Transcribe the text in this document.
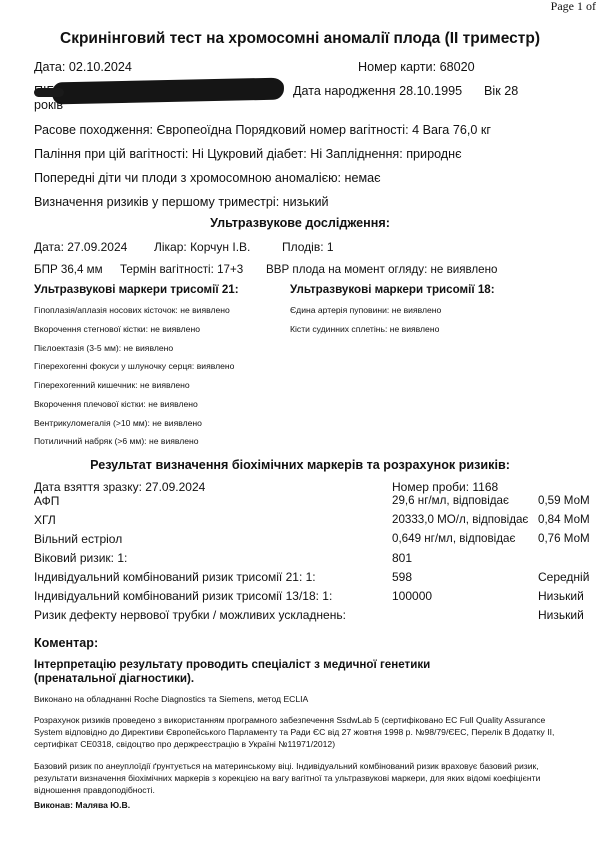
Page 1 of
Скринінговий тест на хромосомні аномалії плода (II триместр)
Дата: 02.10.2024	Номер карти: 68020
Дата народження 28.10.1995 Вік 28
років
Расове походження: Європеоїдна Порядковий номер вагітності: 4 Вага 76,0 кг
Паління при цій вагітності: Ні Цукровий діабет: Ні Запліднення: природнє
Попередні діти чи плоди з хромосомною аномалією: немає
Визначення ризиків у першому триместрі: низький
Ультразвукове дослідження:
Дата: 27.09.2024 Лікар: Корчун І.В.	Плодів: 1
БПР 36,4 мм Термін вагітності: 17+3 ВВР плода на момент огляду: не виявлено
Ультразвукові маркери трисомії 21:	Ультразвукові маркери трисомії 18:
Гіпоплазія/аплазія носових кісточок: не виявлено
Вкорочення стегнової кістки: не виявлено
Пієлоектазія (3-5 мм): не виявлено
Гіперехогенні фокуси у шлуночку серця: виявлено
Гіперехогенний кишечник: не виявлено
Вкорочення плечової кістки: не виявлено
Вентрикуломегалія (>10 мм): не виявлено
Потиличний набряк (>6 мм): не виявлено
Єдина артерія пуповини: не виявлено
Кісти судинних сплетінь: не виявлено
Результат визначення біохімічних маркерів та розрахунок ризиків:
Дата взяття зразку: 27.09.2024	Номер проби: 1168
АФП	29,6 нг/мл, відповідає	0,59 МоМ
ХГЛ	20333,0 МО/л, відповідає 0,84 МоМ
Вільний естріол	0,649 нг/мл, відповідає 0,76 МоМ
Віковий ризик: 1:	801
Індивідуальний комбінований ризик трисомії 21: 1:	598	Середній
Індивідуальний комбінований ризик трисомії 13/18: 1:	100000	Низький
Ризик дефекту нервової трубки / можливих ускладнень:	Низький
Коментар:
Інтерпретацію результату проводить спеціаліст з медичної генетики
(пренатальної діагностики).
Виконано на обладнанні Roche Diagnostics та Siemens, метод ECLIA
Розрахунок ризиків проведено з використанням програмного забезпечення SsdwLab 5 (сертифіковано ЕС Full Quality Assurance System відповідно до Директиви Європейського Парламенту та Ради ЄС від 27 жовтня 1998 р. №98/79/ЄЕС, Перелік В Додатку ІІ, сертифікат CE0318, свідоцтво про держреєстрацію в Україні №11971/2012)
Базовий ризик по анеуплоїдії ґрунтується на материнському віці. Індивідуальний комбінований ризик враховує базовий ризик, результати визначення біохімічних маркерів з корекцією на вагу вагітної та ультразвукові маркери, для яких відомі коефіцієнти відношення правдоподібності.
Виконав: Малява Ю.В.
